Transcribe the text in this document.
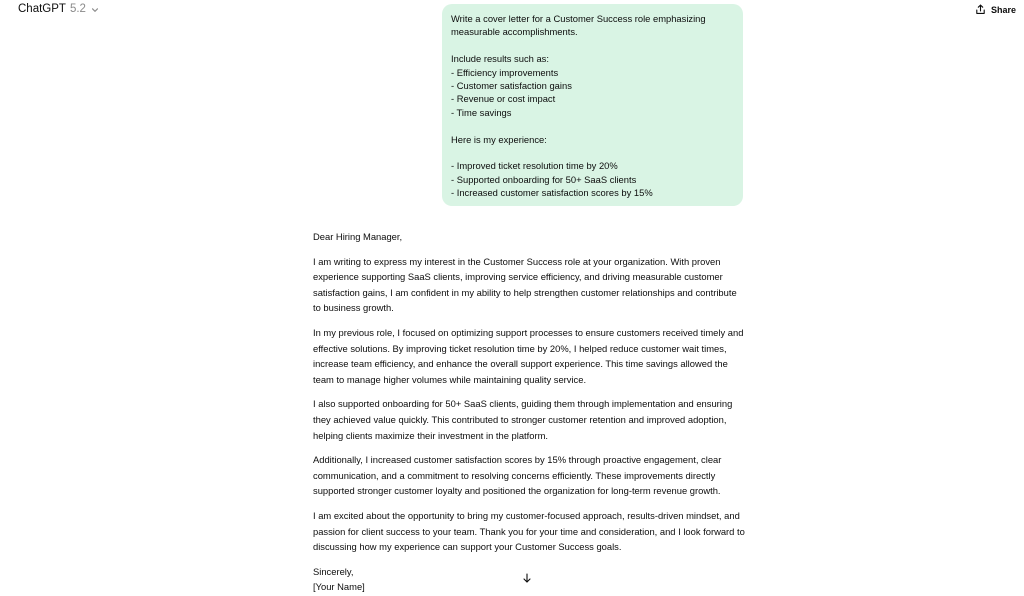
ChatGPT 5.2	Share
Write a cover letter for a Customer Success role emphasizing
measurable accomplishments.
Include results such as:
- Efficiency improvements
- Customer satisfaction gains
- Revenue or cost impact
- Time savings
Here is my experience:
- Improved ticket resolution time by 20%
- Supported onboarding for 50+ SaaS clients
- Increased customer satisfaction scores by 15%

Dear Hiring Manager,

I am writing to express my interest in the Customer Success role at your organization. With proven experience supporting SaaS clients, improving service efficiency, and driving measurable customer satisfaction gains, I am confident in my ability to help strengthen customer relationships and contribute to business growth.

In my previous role, I focused on optimizing support processes to ensure customers received timely and effective solutions. By improving ticket resolution time by 20%, I helped reduce customer wait times, increase team efficiency, and enhance the overall support experience. This time savings allowed the team to manage higher volumes while maintaining quality service.

I also supported onboarding for 50+ SaaS clients, guiding them through implementation and ensuring they achieved value quickly. This contributed to stronger customer retention and improved adoption, helping clients maximize their investment in the platform.

Additionally, I increased customer satisfaction scores by 15% through proactive engagement, clear communication, and a commitment to resolving concerns efficiently. These improvements directly supported stronger customer loyalty and positioned the organization for long-term revenue growth.

I am excited about the opportunity to bring my customer-focused approach, results-driven mindset, and passion for client success to your team. Thank you for your time and consideration, and I look forward to discussing how my experience can support your Customer Success goals.

Sincerely,

[Your Name]
